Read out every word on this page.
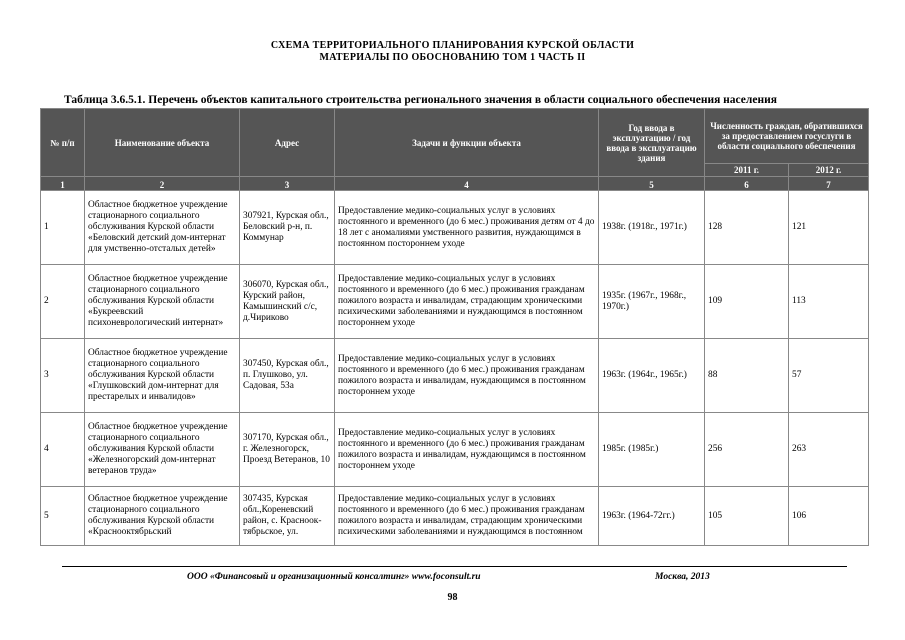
СХЕМА ТЕРРИТОРИАЛЬНОГО ПЛАНИРОВАНИЯ КУРСКОЙ ОБЛАСТИ
МАТЕРИАЛЫ ПО ОБОСНОВАНИЮ ТОМ 1 ЧАСТЬ II
Таблица 3.6.5.1. Перечень объектов капитального строительства регионального значения в области социального обеспечения населения
№ п/п	Наименование объекта	Адрес	Задачи и функции объекта	Год ввода в эксплуатацию / год ввода в эксплуатацию здания	Численность граждан, обратившихся за предоставлением госуслуги в области социального обеспечения	
					2011 г.	2012 г.
1	2	3	4	5	6	7
1	Областное бюджетное учреждение стационарного социального обслуживания Курской области «Беловский детский дом-интернат для умственно-отсталых детей»	307921, Курская обл., Беловский р-н, п. Коммунар	Предоставление медико-социальных услуг в условиях постоянного и временного (до 6 мес.) проживания детям от 4 до 18 лет с аномалиями умственного развития, нуждающимся в постоянном постороннем уходе	1938г. (1918г., 1971г.)	128	121
2	Областное бюджетное учреждение стационарного социального обслуживания Курской области «Букреевский психоневрологический интернат»	306070, Курская обл., Курский район, Камышинский с/с, д.Чириково	Предоставление медико-социальных услуг в условиях постоянного и временного (до 6 мес.) проживания гражданам пожилого возраста и инвалидам, страдающим хроническими психическими заболеваниями и нуждающимся в постоянном постороннем уходе	1935г. (1967г., 1968г., 1970г.)	109	113
3	Областное бюджетное учреждение стационарного социального обслуживания Курской области «Глушковский дом-интернат для престарелых и инвалидов»	307450, Курская обл., п. Глушково, ул. Садовая, 53а	Предоставление медико-социальных услуг в условиях постоянного и временного (до 6 мес.) проживания гражданам пожилого возраста и инвалидам, нуждающимся в постоянном постороннем уходе	1963г. (1964г., 1965г.)	88	57
4	Областное бюджетное учреждение стационарного социального обслуживания Курской области «Железногорский дом-интернат ветеранов труда»	307170, Курская обл., г. Железногорск, Проезд Ветеранов, 10	Предоставление медико-социальных услуг в условиях постоянного и временного (до 6 мес.) проживания гражданам пожилого возраста и инвалидам, нуждающимся в постоянном постороннем уходе	1985г. (1985г.)	256	263
5	Областное бюджетное учреждение стационарного социального обслуживания Курской области «Краснооктябрьский	307435, Курская обл.,Кореневский район, с. Красноок-тябрьское, ул.	Предоставление медико-социальных услуг в условиях постоянного и временного (до 6 мес.) проживания гражданам пожилого возраста и инвалидам, страдающим хроническими психическими заболеваниями и нуждающимся в постоянном	1963г. (1964-72гг.)	105	106
ООО «Финансовый и организационный консалтинг» www.foconsult.ru	Москва, 2013
98
